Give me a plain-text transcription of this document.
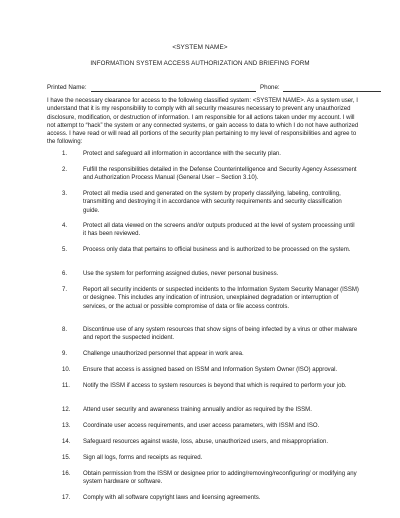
<SYSTEM NAME>
INFORMATION SYSTEM ACCESS AUTHORIZATION AND BRIEFING FORM
Printed Name:	Phone:

I have the necessary clearance for access to the following classified system: <SYSTEM NAME>. As a system user, I understand that it is my responsibility to comply with all security measures necessary to prevent any unauthorized disclosure, modification, or destruction of information. I am responsible for all actions taken under my account. I will not attempt to “hack” the system or any connected systems, or gain access to data to which I do not have authorized access. I have read or will read all portions of the security plan pertaining to my level of responsibilities and agree to the following:

1.	Protect and safeguard all information in accordance with the security plan.
2.	Fulfill the responsibilities detailed in the Defense Counterintelligence and Security Agency Assessment and Authorization Process Manual (General User – Section 3.10).
3.	Protect all media used and generated on the system by properly classifying, labeling, controlling, transmitting and destroying it in accordance with security requirements and security classification guide.
4.	Protect all data viewed on the screens and/or outputs produced at the level of system processing until it has been reviewed.
5.	Process only data that pertains to official business and is authorized to be processed on the system.
6.	Use the system for performing assigned duties, never personal business.
7.	Report all security incidents or suspected incidents to the Information System Security Manager (ISSM) or designee. This includes any indication of intrusion, unexplained degradation or interruption of services, or the actual or possible compromise of data or file access controls.
8.	Discontinue use of any system resources that show signs of being infected by a virus or other malware and report the suspected incident.
9.	Challenge unauthorized personnel that appear in work area.
10. Ensure that access is assigned based on ISSM and Information System Owner (ISO) approval.
11. Notify the ISSM if access to system resources is beyond that which is required to perform your job.
12. Attend user security and awareness training annually and/or as required by the ISSM.
13. Coordinate user access requirements, and user access parameters, with ISSM and ISO.
14. Safeguard resources against waste, loss, abuse, unauthorized users, and misappropriation.
15. Sign all logs, forms and receipts as required.
16. Obtain permission from the ISSM or designee prior to adding/removing/reconfiguring/ or modifying any system hardware or software.
17. Comply with all software copyright laws and licensing agreements.
